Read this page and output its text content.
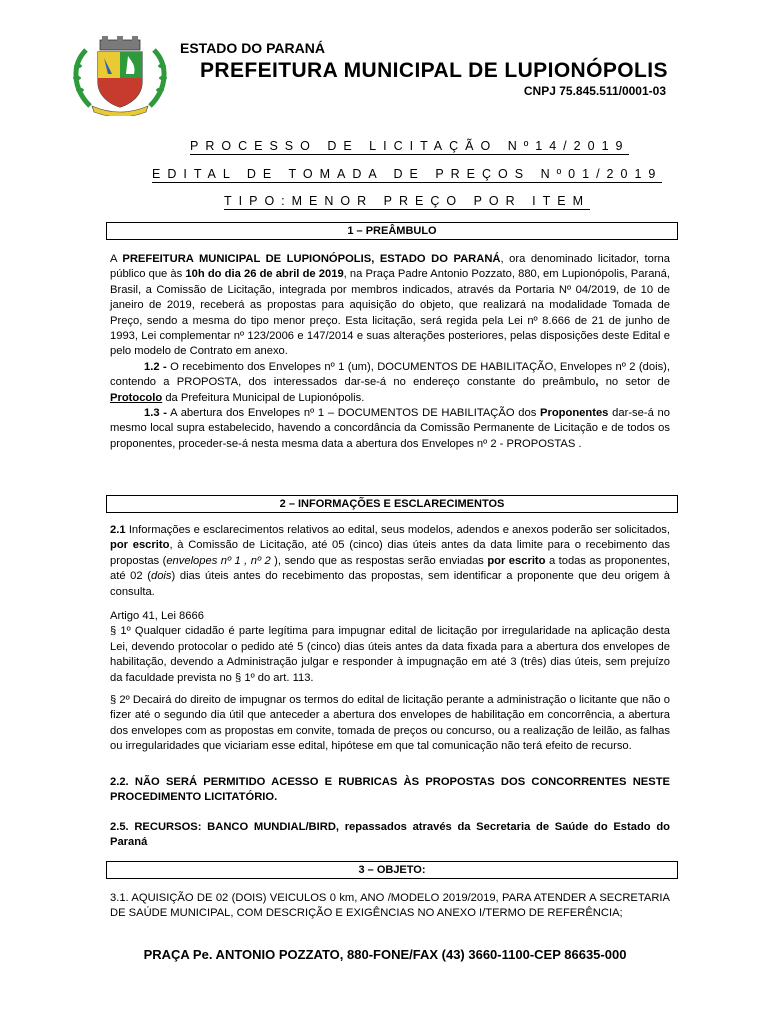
ESTADO DO PARANÁ
PREFEITURA MUNICIPAL DE LUPIONÓPOLIS
CNPJ 75.845.511/0001-03
PROCESSO DE LICITAÇÃO Nº14/2019
EDITAL DE TOMADA DE PREÇOS Nº01/2019
TIPO:MENOR PREÇO POR ITEM
1 – PREÂMBULO

A PREFEITURA MUNICIPAL DE LUPIONÓPOLIS, ESTADO DO PARANÁ, ora denominado licitador, torna público que às 10h do dia 26 de abril de 2019, na Praça Padre Antonio Pozzato, 880, em Lupionópolis, Paraná, Brasil, a Comissão de Licitação, integrada por membros indicados, através da Portaria Nº 04/2019, de 10 de janeiro de 2019, receberá as propostas para aquisição do objeto, que realizará na modalidade Tomada de Preço, sendo a mesma do tipo menor preço. Esta licitação, será regida pela Lei nº 8.666 de 21 de junho de 1993, Lei complementar nº 123/2006 e 147/2014 e suas alterações posteriores, pelas disposições deste Edital e pelo modelo de Contrato em anexo.

1.2 - O recebimento dos Envelopes nº 1 (um), DOCUMENTOS DE HABILITAÇÃO, Envelopes nº 2 (dois), contendo a PROPOSTA, dos interessados dar-se-á no endereço constante do preâmbulo, no setor de Protocolo da Prefeitura Municipal de Lupionópolis.

1.3 - A abertura dos Envelopes nº 1 – DOCUMENTOS DE HABILITAÇÃO dos Proponentes dar-se-á no mesmo local supra estabelecido, havendo a concordância da Comissão Permanente de Licitação e de todos os proponentes, proceder-se-á nesta mesma data a abertura dos Envelopes nº 2 - PROPOSTAS .

2 – INFORMAÇÕES E ESCLARECIMENTOS

2.1 Informações e esclarecimentos relativos ao edital, seus modelos, adendos e anexos poderão ser solicitados, por escrito, à Comissão de Licitação, até 05 (cinco) dias úteis antes da data limite para o recebimento das propostas (envelopes nº 1 , nº 2 ), sendo que as respostas serão enviadas por escrito a todas as proponentes, até 02 (dois) dias úteis antes do recebimento das propostas, sem identificar a proponente que deu origem à consulta.

Artigo 41, Lei 8666

§ 1º Qualquer cidadão é parte legítima para impugnar edital de licitação por irregularidade na aplicação desta Lei, devendo protocolar o pedido até 5 (cinco) dias úteis antes da data fixada para a abertura dos envelopes de habilitação, devendo a Administração julgar e responder à impugnação em até 3 (três) dias úteis, sem prejuízo da faculdade prevista no § 1º do art. 113.

§ 2º Decairá do direito de impugnar os termos do edital de licitação perante a administração o licitante que não o fizer até o segundo dia útil que anteceder a abertura dos envelopes de habilitação em concorrência, a abertura dos envelopes com as propostas em convite, tomada de preços ou concurso, ou a realização de leilão, as falhas ou irregularidades que viciariam esse edital, hipótese em que tal comunicação não terá efeito de recurso.

2.2. NÃO SERÁ PERMITIDO ACESSO E RUBRICAS ÀS PROPOSTAS DOS CONCORRENTES NESTE PROCEDIMENTO LICITATÓRIO.
2.5. RECURSOS: BANCO MUNDIAL/BIRD, repassados através da Secretaria de Saúde do Estado do Paraná
3 – OBJETO:
3.1. AQUISIÇÃO DE 02 (DOIS) VEICULOS 0 km, ANO /MODELO 2019/2019, PARA ATENDER A SECRETARIA DE SAÚDE MUNICIPAL, COM DESCRIÇÃO E EXIGÊNCIAS NO ANEXO I/TERMO DE REFERÊNCIA;
PRAÇA Pe. ANTONIO POZZATO, 880-FONE/FAX (43) 3660-1100-CEP 86635-000
